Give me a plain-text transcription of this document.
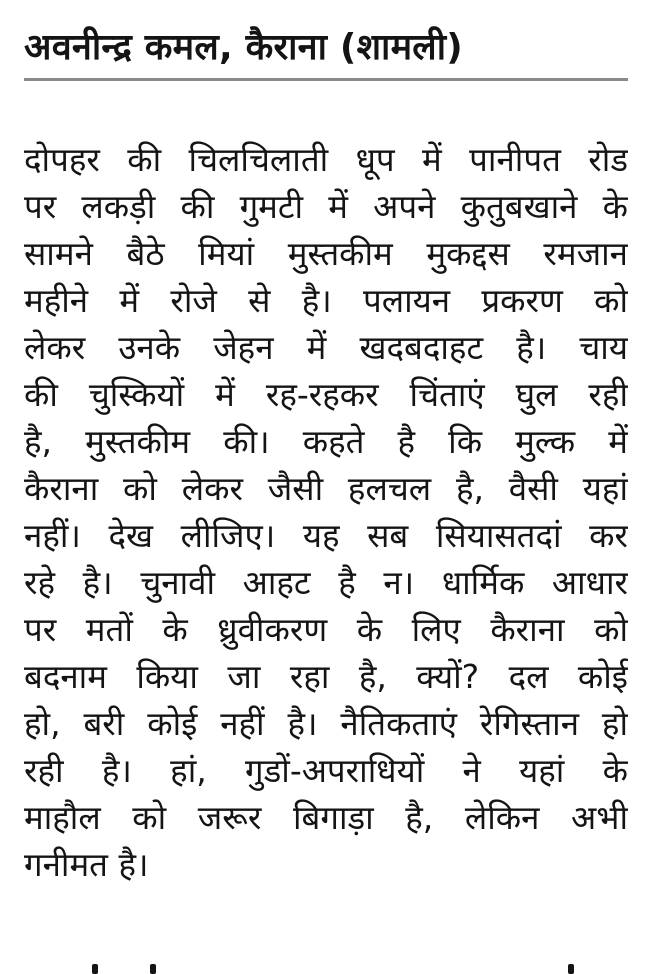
अवनीन्द्र कमल, कैराना (शामली)
दोपहर की चिलचिलाती धूप में पानीपत रोड
पर लकड़ी की गुमटी में अपने कुतुबखाने के
सामने बैठे मियां मुस्तकीम मुकद्दस रमजान
महीने में रोजे से है। पलायन प्रकरण को
लेकर उनके जेहन में खदबदाहट है। चाय
की चुस्कियों में रह-रहकर चिंताएं घुल रही
है, मुस्तकीम की। कहते है कि मुल्क में
कैराना को लेकर जैसी हलचल है, वैसी यहां
नहीं। देख लीजिए। यह सब सियासतदां कर
रहे है। चुनावी आहट है न। धार्मिक आधार
पर मतों के ध्रुवीकरण के लिए कैराना को
बदनाम किया जा रहा है, क्यों? दल कोई
हो, बरी कोई नहीं है। नैतिकताएं रेगिस्तान हो
रही है। हां, गुडों-अपराधियों ने यहां के
माहौल को जरूर बिगाड़ा है, लेकिन अभी
गनीमत है।
